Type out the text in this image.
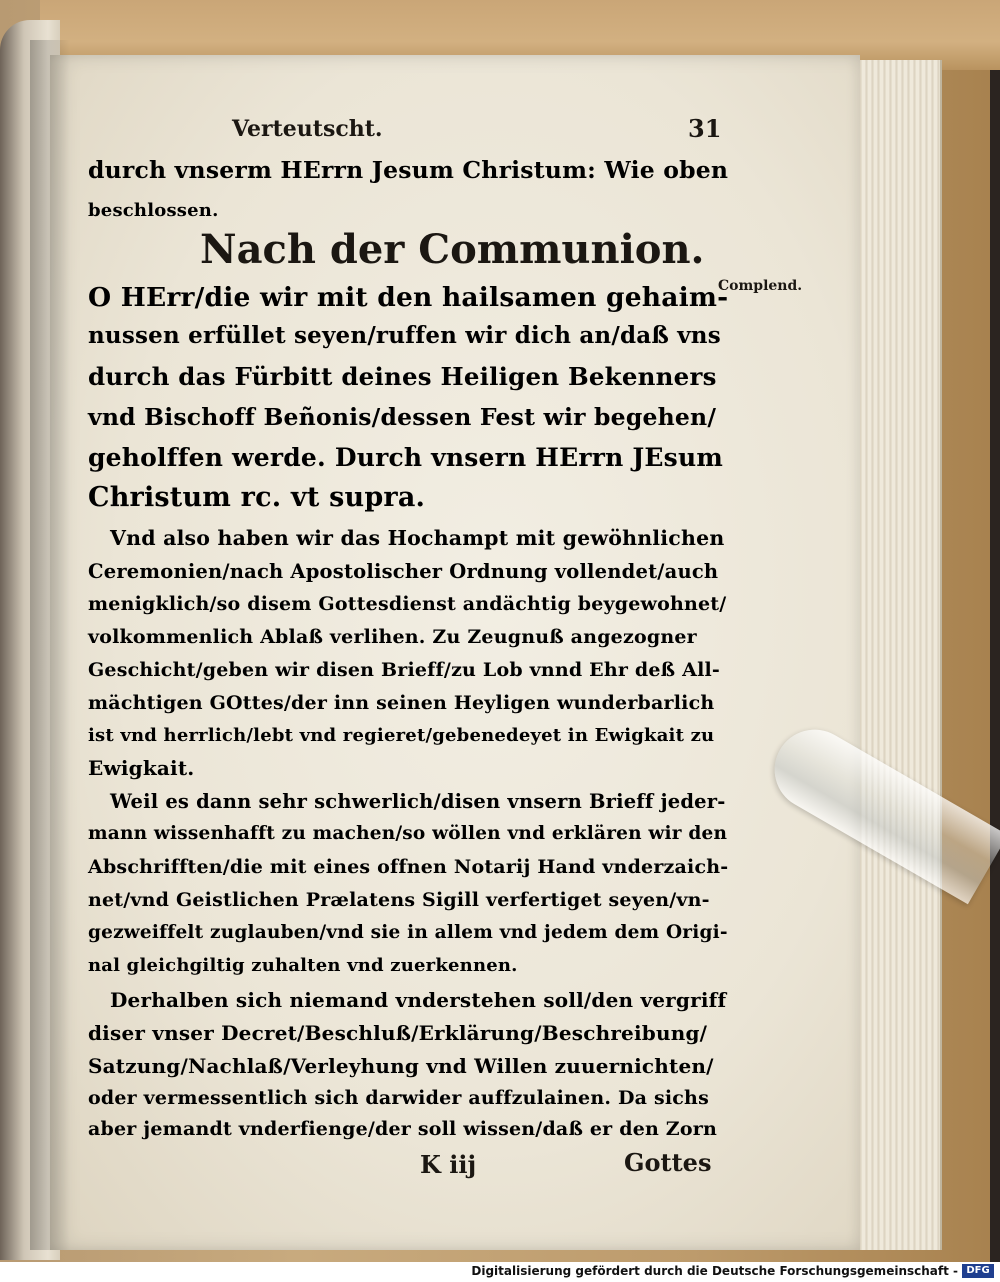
Verteutscht.	31
durch vnserm HErrn Jesum Christum: Wie oben
beschlossen.
Nach der Communion.
Complend.
O HErr/die wir mit den hailsamen gehaim-
nussen erfüllet seyen/ruffen wir dich an/daß vns
durch das Fürbitt deines Heiligen Bekenners
vnd Bischoff Beñonis/dessen Fest wir begehen/
geholffen werde. Durch vnsern HErrn JEsum
Christum rc. vt supra.
Vnd also haben wir das Hochampt mit gewöhnlichen
Ceremonien/nach Apostolischer Ordnung vollendet/auch
menigklich/so disem Gottesdienst andächtig beygewohnet/
volkommenlich Ablaß verlihen. Zu Zeugnuß angezogner
Geschicht/geben wir disen Brieff/zu Lob vnnd Ehr deß All-
mächtigen GOttes/der inn seinen Heyligen wunderbarlich
ist vnd herrlich/lebt vnd regieret/gebenedeyet in Ewigkait zu
Ewigkait.
Weil es dann sehr schwerlich/disen vnsern Brieff jeder-
mann wissenhafft zu machen/so wöllen vnd erklären wir den
Abschrifften/die mit eines offnen Notarij Hand vnderzaich-
net/vnd Geistlichen Prælatens Sigill verfertiget seyen/vn-
gezweiffelt zuglauben/vnd sie in allem vnd jedem dem Origi-
nal gleichgiltig zuhalten vnd zuerkennen.
Derhalben sich niemand vnderstehen soll/den vergriff
diser vnser Decret/Beschluß/Erklärung/Beschreibung/
Satzung/Nachlaß/Verleyhung vnd Willen zuuernichten/
oder vermessentlich sich darwider auffzulainen. Da sichs
aber jemandt vnderfienge/der soll wissen/daß er den Zorn
K iij	Gottes
Digitalisierung gefördert durch die Deutsche Forschungsgemeinschaft - DFG
